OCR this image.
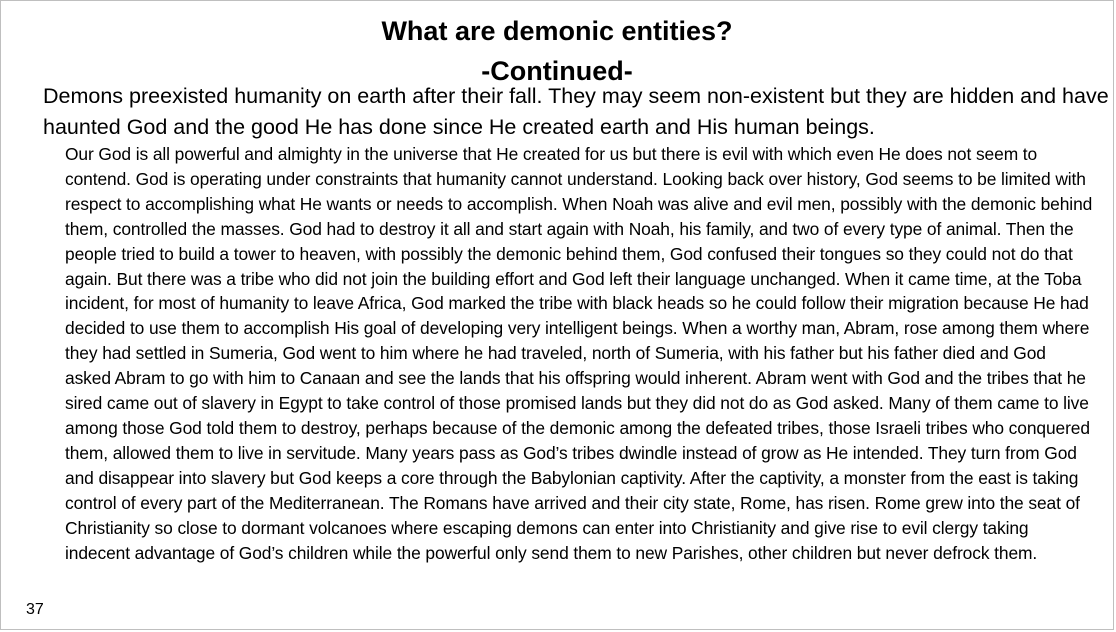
What are demonic entities?
-Continued-
Demons preexisted humanity on earth after their fall. They may seem non-existent but they are hidden and have haunted God and the good He has done since He created earth and His human beings.
Our God is all powerful and almighty in the universe that He created for us but there is evil with which even He does not seem to contend. God is operating under constraints that humanity cannot understand. Looking back over history, God seems to be limited with respect to accomplishing what He wants or needs to accomplish. When Noah was alive and evil men, possibly with the demonic behind them, controlled the masses. God had to destroy it all and start again with Noah, his family, and two of every type of animal. Then the people tried to build a tower to heaven, with possibly the demonic behind them, God confused their tongues so they could not do that again. But there was a tribe who did not join the building effort and God left their language unchanged. When it came time, at the Toba incident, for most of humanity to leave Africa, God marked the tribe with black heads so he could follow their migration because He had decided to use them to accomplish His goal of developing very intelligent beings. When a worthy man, Abram, rose among them where they had settled in Sumeria, God went to him where he had traveled, north of Sumeria, with his father but his father died and God asked Abram to go with him to Canaan and see the lands that his offspring would inherent. Abram went with God and the tribes that he sired came out of slavery in Egypt to take control of those promised lands but they did not do as God asked. Many of them came to live among those God told them to destroy, perhaps because of the demonic among the defeated tribes, those Israeli tribes who conquered them, allowed them to live in servitude. Many years pass as God’s tribes dwindle instead of grow as He intended. They turn from God and disappear into slavery but God keeps a core through the Babylonian captivity. After the captivity, a monster from the east is taking control of every part of the Mediterranean. The Romans have arrived and their city state, Rome, has risen. Rome grew into the seat of Christianity so close to dormant volcanoes where escaping demons can enter into Christianity and give rise to evil clergy taking indecent advantage of God’s children while the powerful only send them to new Parishes, other children but never defrock them.
37
